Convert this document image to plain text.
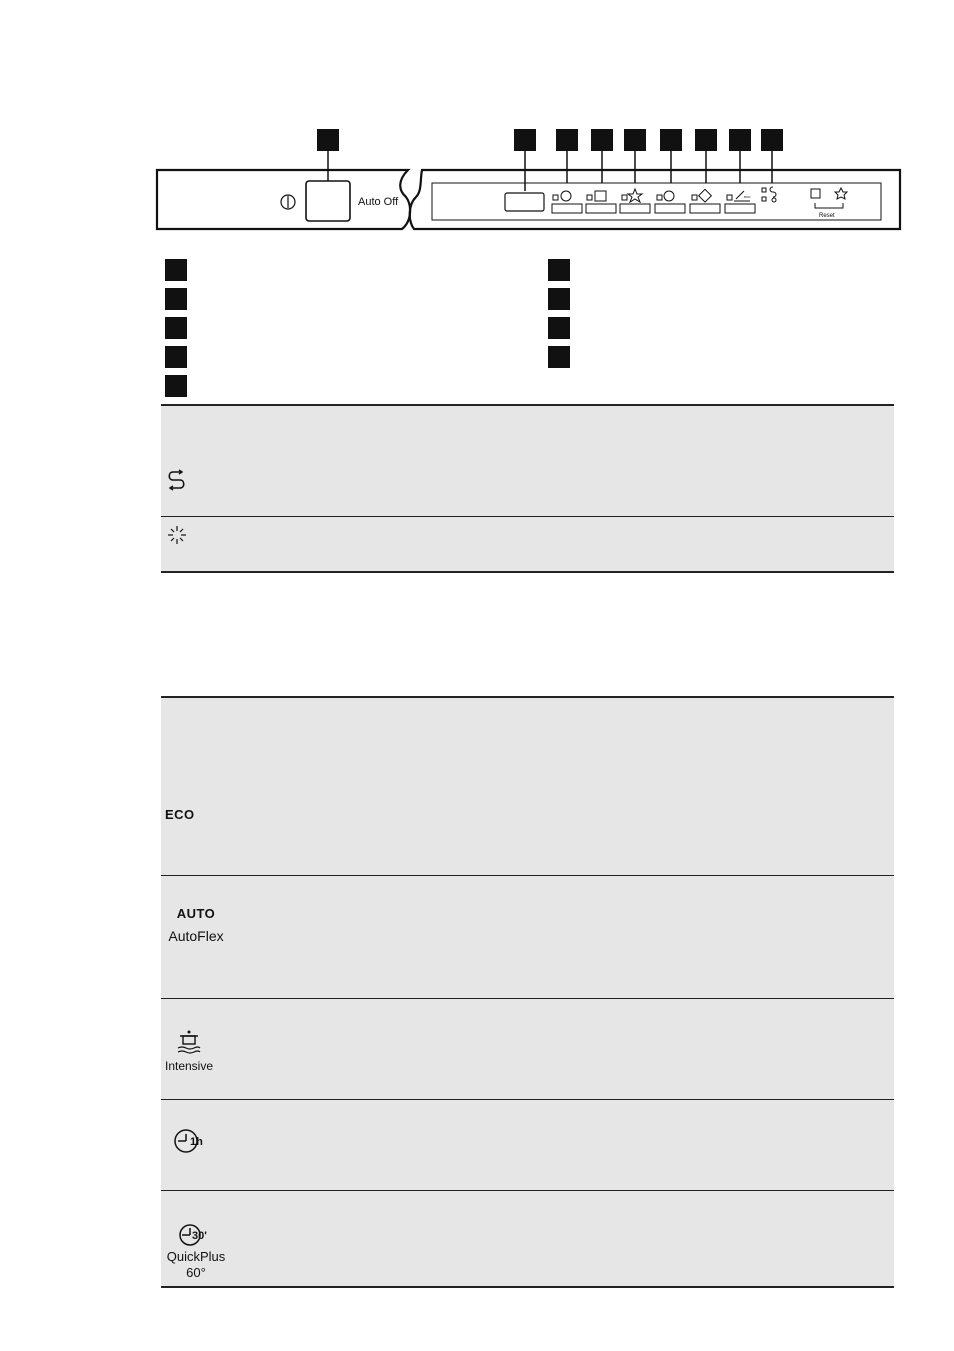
Auto Off
Reset
eco
ECO
AUTO
AutoFlex
Intensive
1h
30'
QuickPlus
60°
